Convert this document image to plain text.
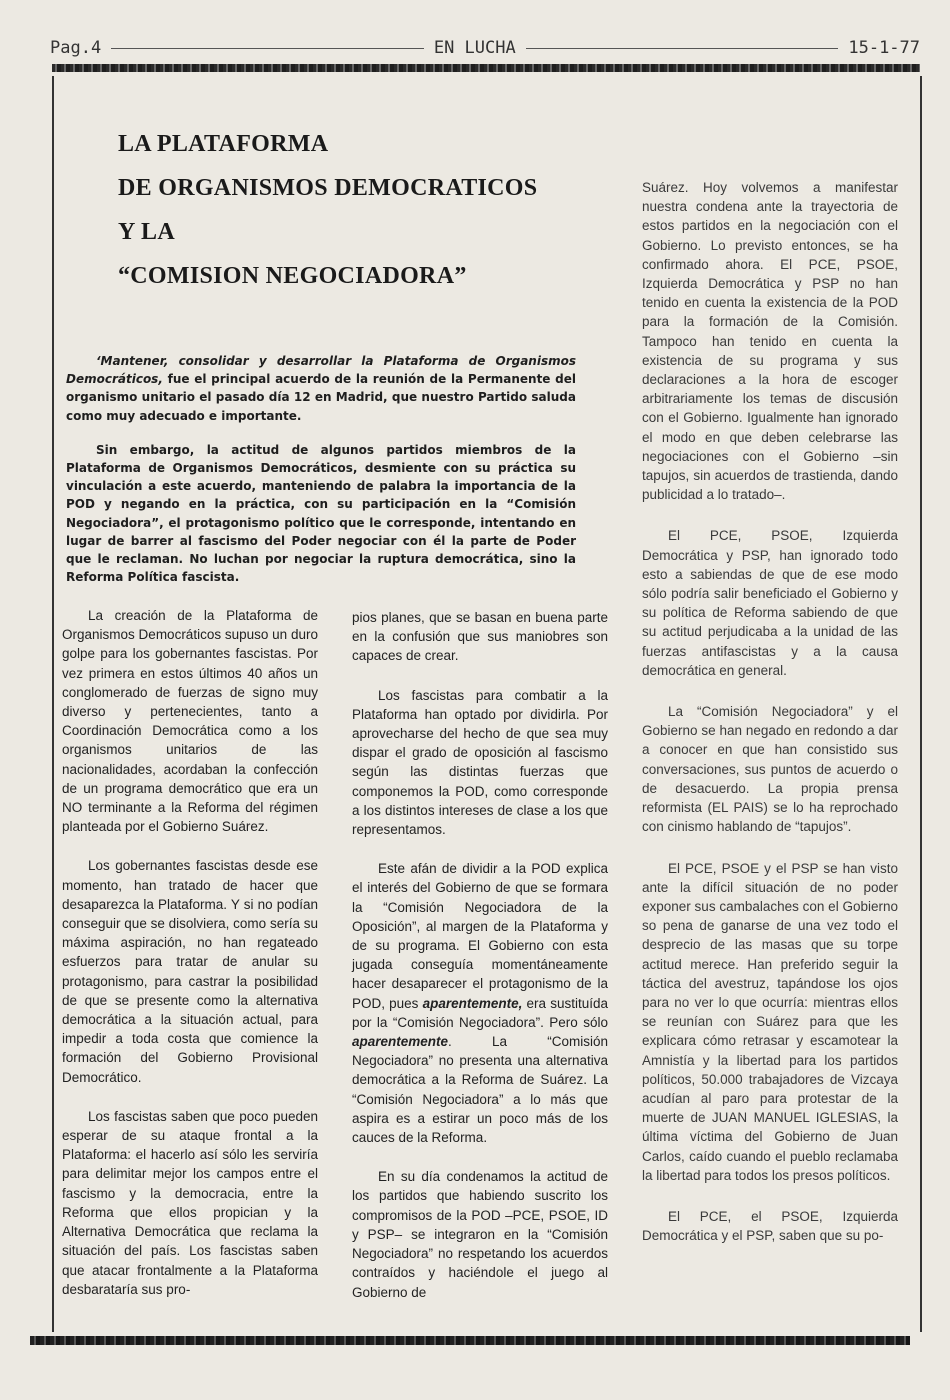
Pag.4	EN LUCHA	15-1-77
LA PLATAFORMA
DE ORGANISMOS DEMOCRATICOS
Y LA
“COMISION NEGOCIADORA”

‘Mantener, consolidar y desarrollar la Plataforma de Organismos Democráticos, fue el principal acuerdo de la reunión de la Permanente del organismo unitario el pasado día 12 en Madrid, que nuestro Partido saluda como muy adecuado e importante.

Sin embargo, la actitud de algunos partidos miembros de la Plataforma de Organismos Democráticos, desmiente con su práctica su vinculación a este acuerdo, manteniendo de palabra la importancia de la POD y negando en la práctica, con su participación en la “Comisión Negociadora”, el protagonismo político que le corresponde, intentando en lugar de barrer al fascismo del Poder negociar con él la parte de Poder que le reclaman. No luchan por negociar la ruptura democrática, sino la Reforma Política fascista.

La creación de la Plataforma de Organismos Democráticos supuso un duro golpe para los gobernantes fascistas. Por vez primera en estos últimos 40 años un conglomerado de fuerzas de signo muy diverso y pertenecientes, tanto a Coordinación Democrática como a los organismos unitarios de las nacionalidades, acordaban la confección de un programa democrático que era un NO terminante a la Reforma del régimen planteada por el Gobierno Suárez.

Los gobernantes fascistas desde ese momento, han tratado de hacer que desaparezca la Plataforma. Y si no podían conseguir que se disolviera, como sería su máxima aspiración, no han regateado esfuerzos para tratar de anular su protagonismo, para castrar la posibilidad de que se presente como la alternativa democrática a la situación actual, para impedir a toda costa que comience la formación del Gobierno Provisional Democrático.

Los fascistas saben que poco pueden esperar de su ataque frontal a la Plataforma: el hacerlo así sólo les serviría para delimitar mejor los campos entre el fascismo y la democracia, entre la Reforma que ellos propician y la Alternativa Democrática que reclama la situación del país. Los fascistas saben que atacar frontalmente a la Plataforma desbarataría sus pro-

pios planes, que se basan en buena parte en la confusión que sus maniobres son capaces de crear.

Los fascistas para combatir a la Plataforma han optado por dividirla. Por aprovecharse del hecho de que sea muy dispar el grado de oposición al fascismo según las distintas fuerzas que componemos la POD, como corresponde a los distintos intereses de clase a los que representamos.

Este afán de dividir a la POD explica el interés del Gobierno de que se formara la “Comisión Negociadora de la Oposición”, al margen de la Plataforma y de su programa. El Gobierno con esta jugada conseguía momentáneamente hacer desaparecer el protagonismo de la POD, pues aparentemente, era sustituída por la “Comisión Negociadora”. Pero sólo aparentemente. La “Comisión Negociadora” no presenta una alternativa democrática a la Reforma de Suárez. La “Comisión Negociadora” a lo más que aspira es a estirar un poco más de los cauces de la Reforma.

En su día condenamos la actitud de los partidos que habiendo suscrito los compromisos de la POD –PCE, PSOE, ID y PSP– se integraron en la “Comisión Negociadora” no respetando los acuerdos contraídos y haciéndole el juego al Gobierno de

Suárez. Hoy volvemos a manifestar nuestra condena ante la trayectoria de estos partidos en la negociación con el Gobierno. Lo previsto entonces, se ha confirmado ahora. El PCE, PSOE, Izquierda Democrática y PSP no han tenido en cuenta la existencia de la POD para la formación de la Comisión. Tampoco han tenido en cuenta la existencia de su programa y sus declaraciones a la hora de escoger arbitrariamente los temas de discusión con el Gobierno. Igualmente han ignorado el modo en que deben celebrarse las negociaciones con el Gobierno –sin tapujos, sin acuerdos de trastienda, dando publicidad a lo tratado–.

El PCE, PSOE, Izquierda Democrática y PSP, han ignorado todo esto a sabiendas de que de ese modo sólo podría salir beneficiado el Gobierno y su política de Reforma sabiendo de que su actitud perjudicaba a la unidad de las fuerzas antifascistas y a la causa democrática en general.

La “Comisión Negociadora” y el Gobierno se han negado en redondo a dar a conocer en que han consistido sus conversaciones, sus puntos de acuerdo o de desacuerdo. La propia prensa reformista (EL PAIS) se lo ha reprochado con cinismo hablando de “tapujos”.

El PCE, PSOE y el PSP se han visto ante la difícil situación de no poder exponer sus cambalaches con el Gobierno so pena de ganarse de una vez todo el desprecio de las masas que su torpe actitud merece. Han preferido seguir la táctica del avestruz, tapándose los ojos para no ver lo que ocurría: mientras ellos se reunían con Suárez para que les explicara cómo retrasar y escamotear la Amnistía y la libertad para los partidos políticos, 50.000 trabajadores de Vizcaya acudían al paro para protestar de la muerte de JUAN MANUEL IGLESIAS, la última víctima del Gobierno de Juan Carlos, caído cuando el pueblo reclamaba la libertad para todos los presos políticos.

El PCE, el PSOE, Izquierda Democrática y el PSP, saben que su po-
